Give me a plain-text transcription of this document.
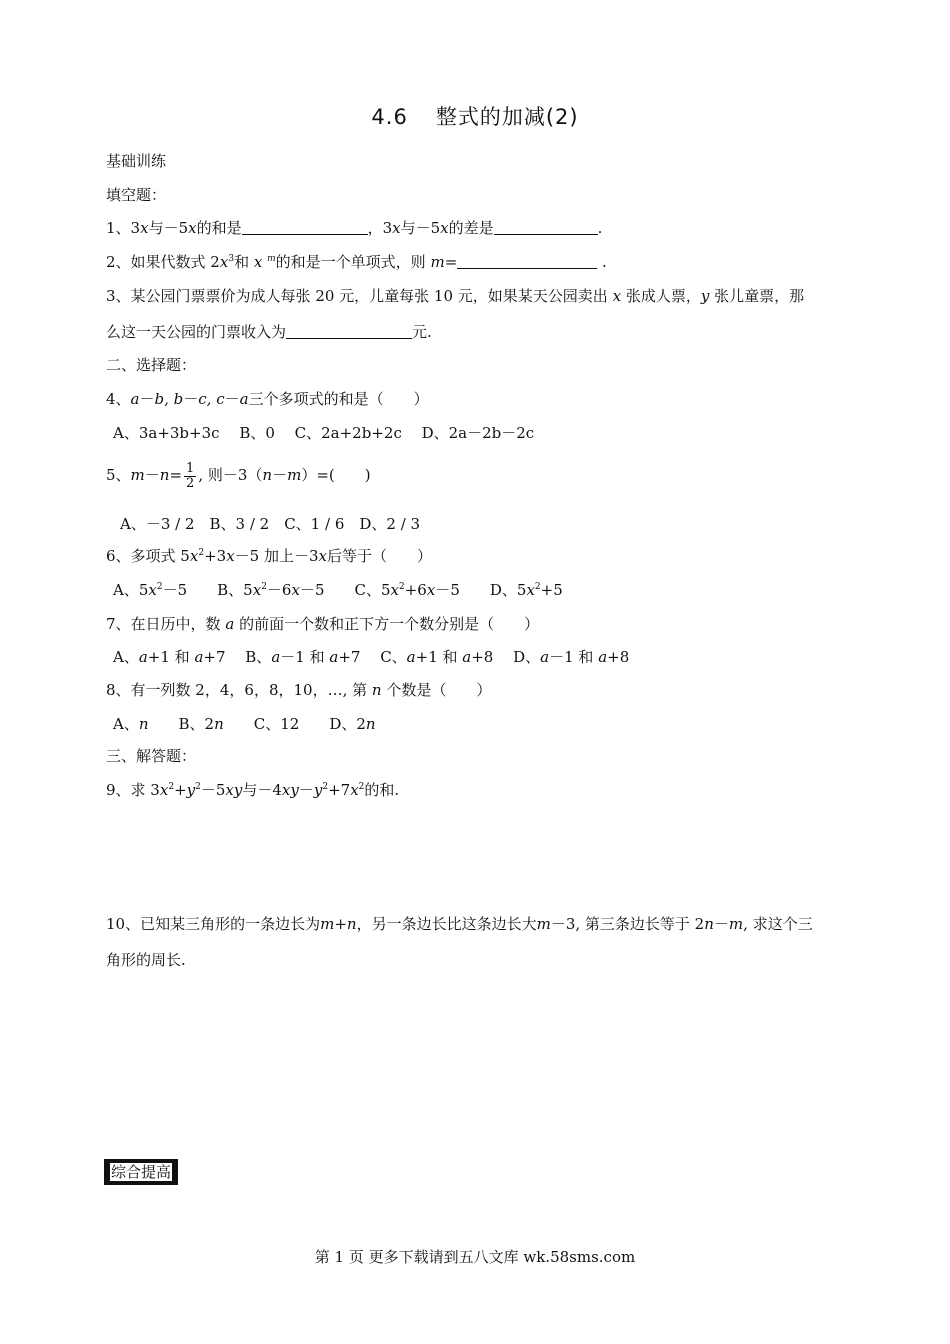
4.6 整式的加减(2)
基础训练
填空题：
1、3x与－5x的和是	，3x与－5x的差是	.
2、如果代数式 $2x^3$和 x $^m$的和是一个单项式，则 m=	.
3、某公园门票票价为成人每张 20 元，儿童每张 10 元，如果某天公园卖出 x 张成人票，y 张儿童票，那
么这一天公园的门票收入为	元.
二、选择题：
4、a－b, b－c, c－a三个多项式的和是（　　）
A、3a+3b+3c　 B、0　 C、2a+2b+2c　 D、2a－2b－2c
5、$m-n= \frac{1}{2}$ , 则－3（n－m）=(　　)
A、－3 / 2　B、3 / 2　C、1 / 6　D、2 / 3
6、多项式 $5x^2+3x-5$ 加上－3x后等于（　　）
A、$5x^2-5$　　B、$5x^2-6x-5$　　C、$5x^2+6x-5$　　D、$5x^2+5$
7、在日历中，数 a 的前面一个数和正下方一个数分别是（　　）
A、a+1 和 a+7　 B、a－1 和 a+7　 C、a+1 和 a+8　 D、a－1 和 a+8
8、有一列数 2，4，6，8，10，…, 第 n 个数是（　　）
A、n　　B、2n　　C、12　　D、2n
三、解答题：
9、求 $3x^2+y^2-5xy$与$-4xy-y^2+7x^2$的和.
10、已知某三角形的一条边长为m+n，另一条边长比这条边长大m－3, 第三条边长等于 2n－m, 求这个三
角形的周长.
综合提高
第 1 页 更多下载请到五八文库 wk.58sms.com
